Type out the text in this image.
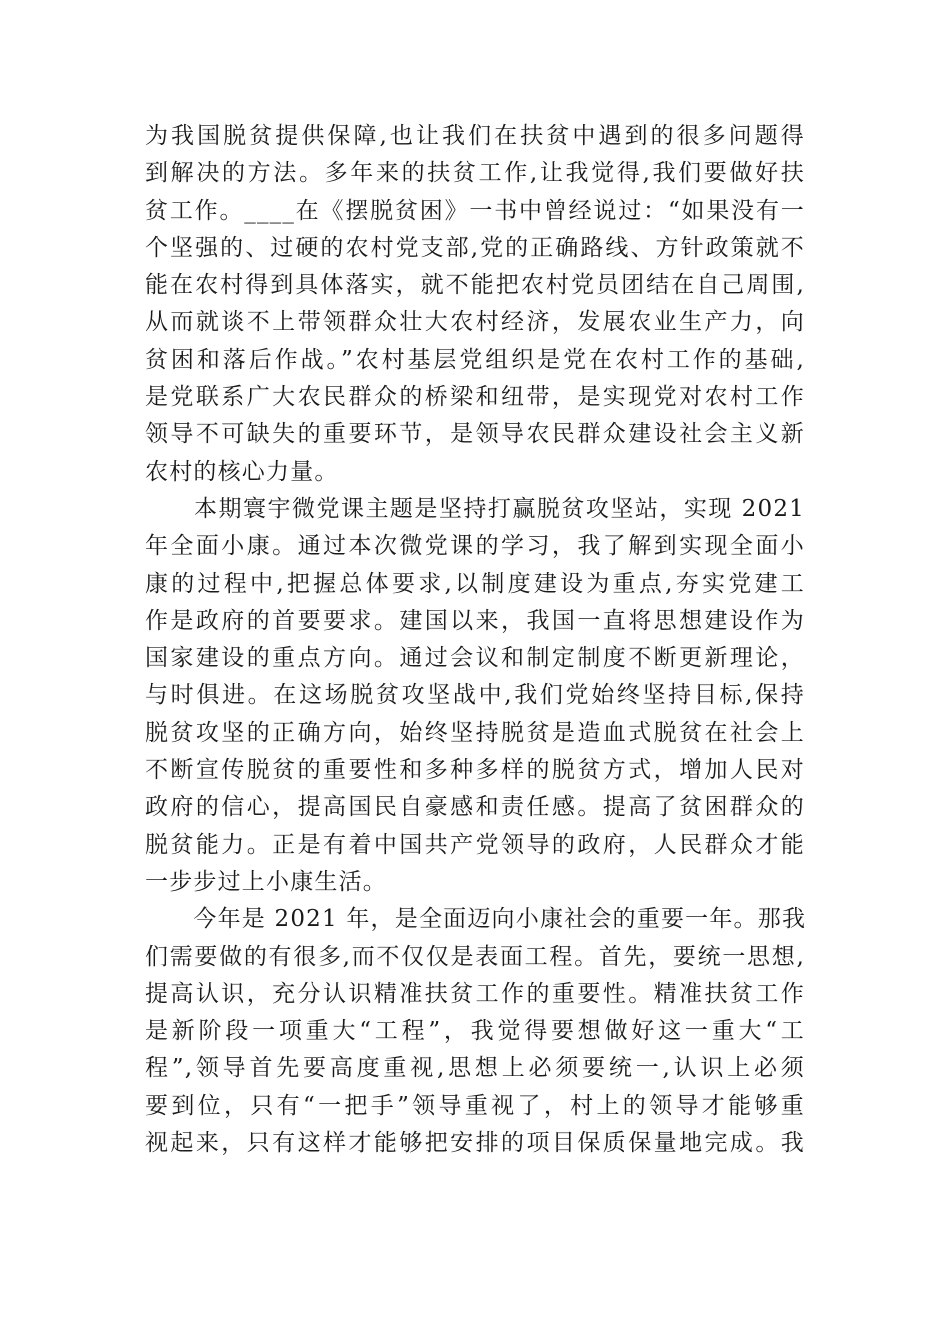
为我国脱贫提供保障,也让我们在扶贫中遇到的很多问题得
到解决的方法。多年来的扶贫工作,让我觉得,我们要做好扶
贫工作。____在《摆脱贫困》一书中曾经说过：“如果没有一
个坚强的、过硬的农村党支部,党的正确路线、方针政策就不
能在农村得到具体落实，就不能把农村党员团结在自己周围,
从而就谈不上带领群众壮大农村经济，发展农业生产力，向
贫困和落后作战。”农村基层党组织是党在农村工作的基础,
是党联系广大农民群众的桥梁和纽带，是实现党对农村工作
领导不可缺失的重要环节，是领导农民群众建设社会主义新
农村的核心力量。
　　本期寰宇微党课主题是坚持打赢脱贫攻坚站，实现 2021
年全面小康。通过本次微党课的学习，我了解到实现全面小
康的过程中,把握总体要求,以制度建设为重点,夯实党建工
作是政府的首要要求。建国以来，我国一直将思想建设作为
国家建设的重点方向。通过会议和制定制度不断更新理论，
与时俱进。在这场脱贫攻坚战中,我们党始终坚持目标,保持
脱贫攻坚的正确方向，始终坚持脱贫是造血式脱贫在社会上
不断宣传脱贫的重要性和多种多样的脱贫方式，增加人民对
政府的信心，提高国民自豪感和责任感。提高了贫困群众的
脱贫能力。正是有着中国共产党领导的政府，人民群众才能
一步步过上小康生活。
　　今年是 2021 年，是全面迈向小康社会的重要一年。那我
们需要做的有很多,而不仅仅是表面工程。首先，要统一思想,
提高认识，充分认识精准扶贫工作的重要性。精准扶贫工作
是新阶段一项重大“工程”，我觉得要想做好这一重大“工
程”,领导首先要高度重视,思想上必须要统一,认识上必须
要到位，只有“一把手”领导重视了，村上的领导才能够重
视起来，只有这样才能够把安排的项目保质保量地完成。我
